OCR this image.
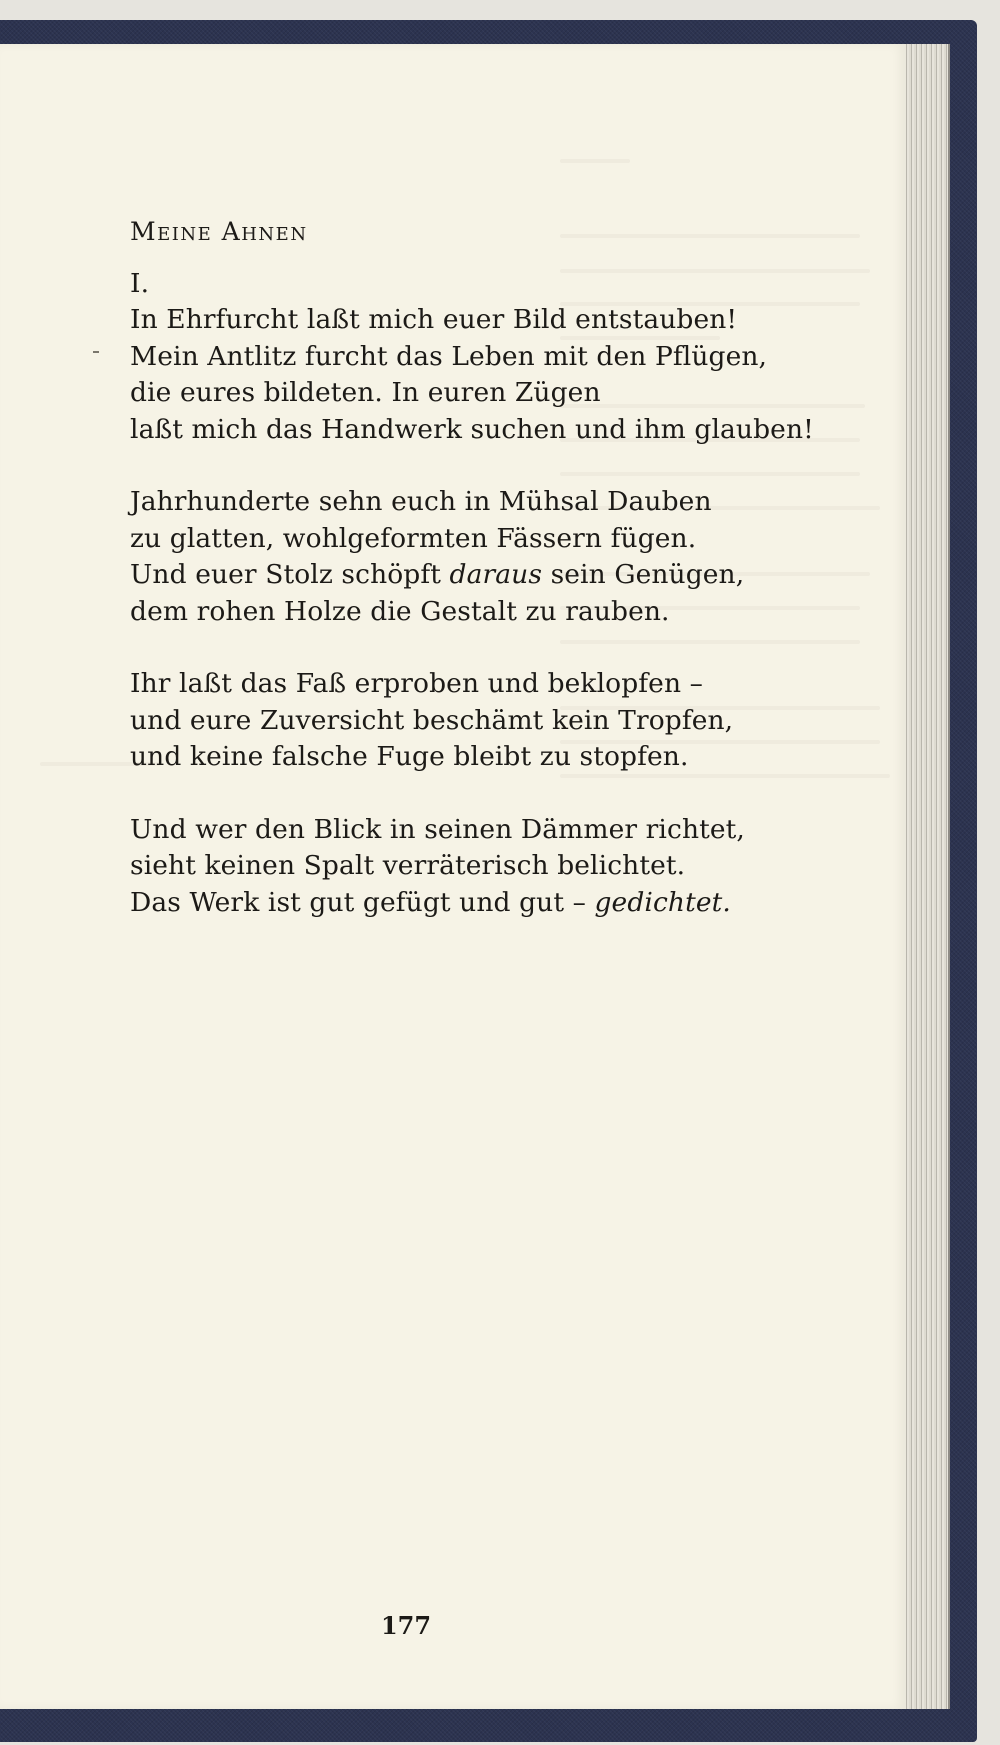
Meine Ahnen
I.
In Ehrfurcht laßt mich euer Bild entstauben!
Mein Antlitz furcht das Leben mit den Pflügen,
die eures bildeten. In euren Zügen
laßt mich das Handwerk suchen und ihm glauben!
Jahrhunderte sehn euch in Mühsal Dauben
zu glatten, wohlgeformten Fässern fügen.
Und euer Stolz schöpft daraus sein Genügen,
dem rohen Holze die Gestalt zu rauben.
Ihr laßt das Faß erproben und beklopfen –
und eure Zuversicht beschämt kein Tropfen,
und keine falsche Fuge bleibt zu stopfen.
Und wer den Blick in seinen Dämmer richtet,
sieht keinen Spalt verräterisch belichtet.
Das Werk ist gut gefügt und gut – gedichtet.
177
